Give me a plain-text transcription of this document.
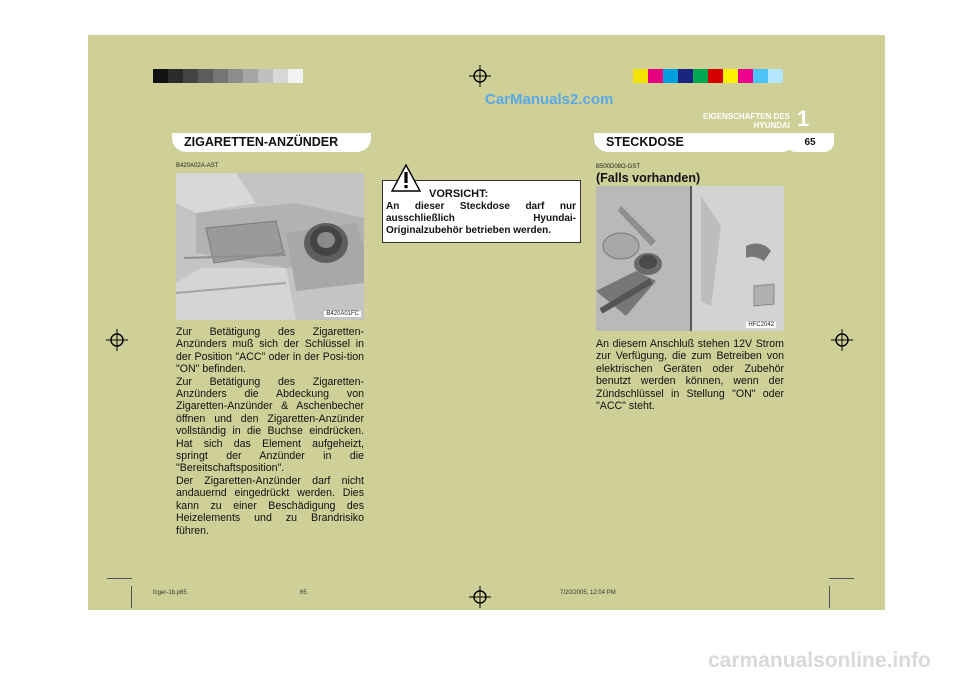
CarManuals2.com
1
EIGENSCHAFTEN DES HYUNDAI
65
ZIGARETTEN-ANZÜNDER
B420A02A-AST
B420A01FC
Zur Betätigung des Zigaretten-Anzünders muß sich der Schlüssel in der Position "ACC" oder in der Posi-tion "ON" befinden.
Zur Betätigung des Zigaretten-Anzünders die Abdeckung von Zigaretten-Anzünder & Aschenbecher öffnen und den Zigaretten-Anzünder vollständig in die Buchse eindrücken. Hat sich das Element aufgeheizt, springt der Anzünder in die "Bereitschaftsposition".
Der Zigaretten-Anzünder darf nicht andauernd eingedrückt werden. Dies kann zu einer Beschädigung des Heizelements und zu Brandrisiko führen.
VORSICHT:
An dieser Steckdose darf nur ausschließlich Hyundai-Originalzubehör betrieben werden.
STECKDOSE
B500D08O-GST
(Falls vorhanden)
HFC2042
An diesem Anschluß stehen 12V Strom zur Verfügung, die zum Betreiben von elektrischen Geräten oder Zubehör benutzt werden können, wenn der Zündschlüssel in Stellung "ON" oder "ACC" steht.
fcger-1b.p65	65	7/20/2005, 12:04 PM
carmanualsonline.info
